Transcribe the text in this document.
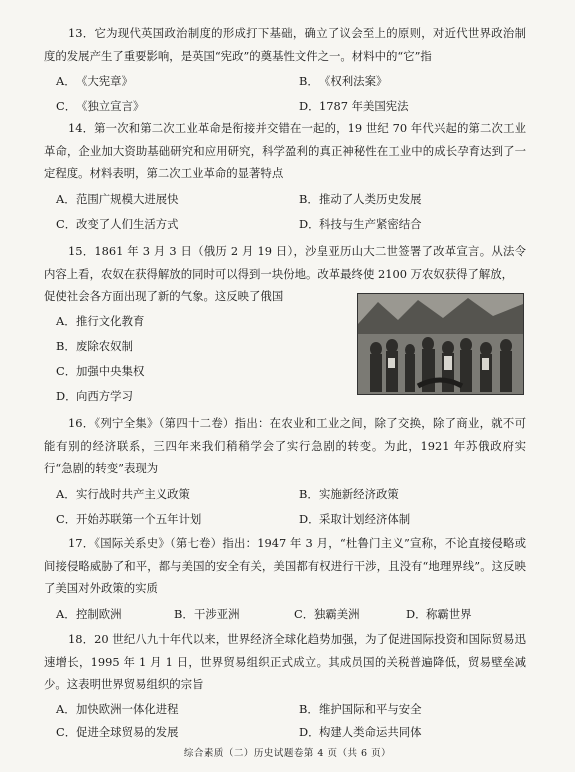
13．它为现代英国政治制度的形成打下基础，确立了议会至上的原则，对近代世界政治制度的发展产生了重要影响，是英国“宪政”的奠基性文件之一。材料中的“它”指

A．《大宪章》	B．《权利法案》
C．《独立宣言》	D．1787 年美国宪法

14．第一次和第二次工业革命是衔接并交错在一起的，19 世纪 70 年代兴起的第二次工业革命，企业加大资助基础研究和应用研究，科学盈利的真正神秘性在工业中的成长孕育达到了一定程度。材料表明，第二次工业革命的显著特点

A．范围广规模大进展快	B．推动了人类历史发展
C．改变了人们生活方式	D．科技与生产紧密结合

15．1861 年 3 月 3 日（俄历 2 月 19 日），沙皇亚历山大二世签署了改革宣言。从法令内容上看，农奴在获得解放的同时可以得到一块份地。改革最终使 2100 万农奴获得了解放，

促使社会各方面出现了新的气象。这反映了俄国

A．推行文化教育
B．废除农奴制
C．加强中央集权
D．向西方学习

16．《列宁全集》（第四十二卷）指出：在农业和工业之间，除了交换，除了商业，就不可能有别的经济联系，三四年来我们稍稍学会了实行急剧的转变。为此，1921 年苏俄政府实行“急剧的转变”表现为

A．实行战时共产主义政策	B．实施新经济政策
C．开始苏联第一个五年计划	D．采取计划经济体制

17．《国际关系史》（第七卷）指出：1947 年 3 月，“杜鲁门主义”宣称，不论直接侵略或间接侵略威胁了和平，都与美国的安全有关，美国都有权进行干涉，且没有“地理界线”。这反映了美国对外政策的实质

A．控制欧洲	B．干涉亚洲	C．独霸美洲	D．称霸世界

18．20 世纪八九十年代以来，世界经济全球化趋势加强，为了促进国际投资和国际贸易迅速增长，1995 年 1 月 1 日，世界贸易组织正式成立。其成员国的关税普遍降低，贸易壁垒减少。这表明世界贸易组织的宗旨

A．加快欧洲一体化进程	B．维护国际和平与安全
C．促进全球贸易的发展	D．构建人类命运共同体
综合素质（二）历史试题卷第 4 页（共 6 页）
